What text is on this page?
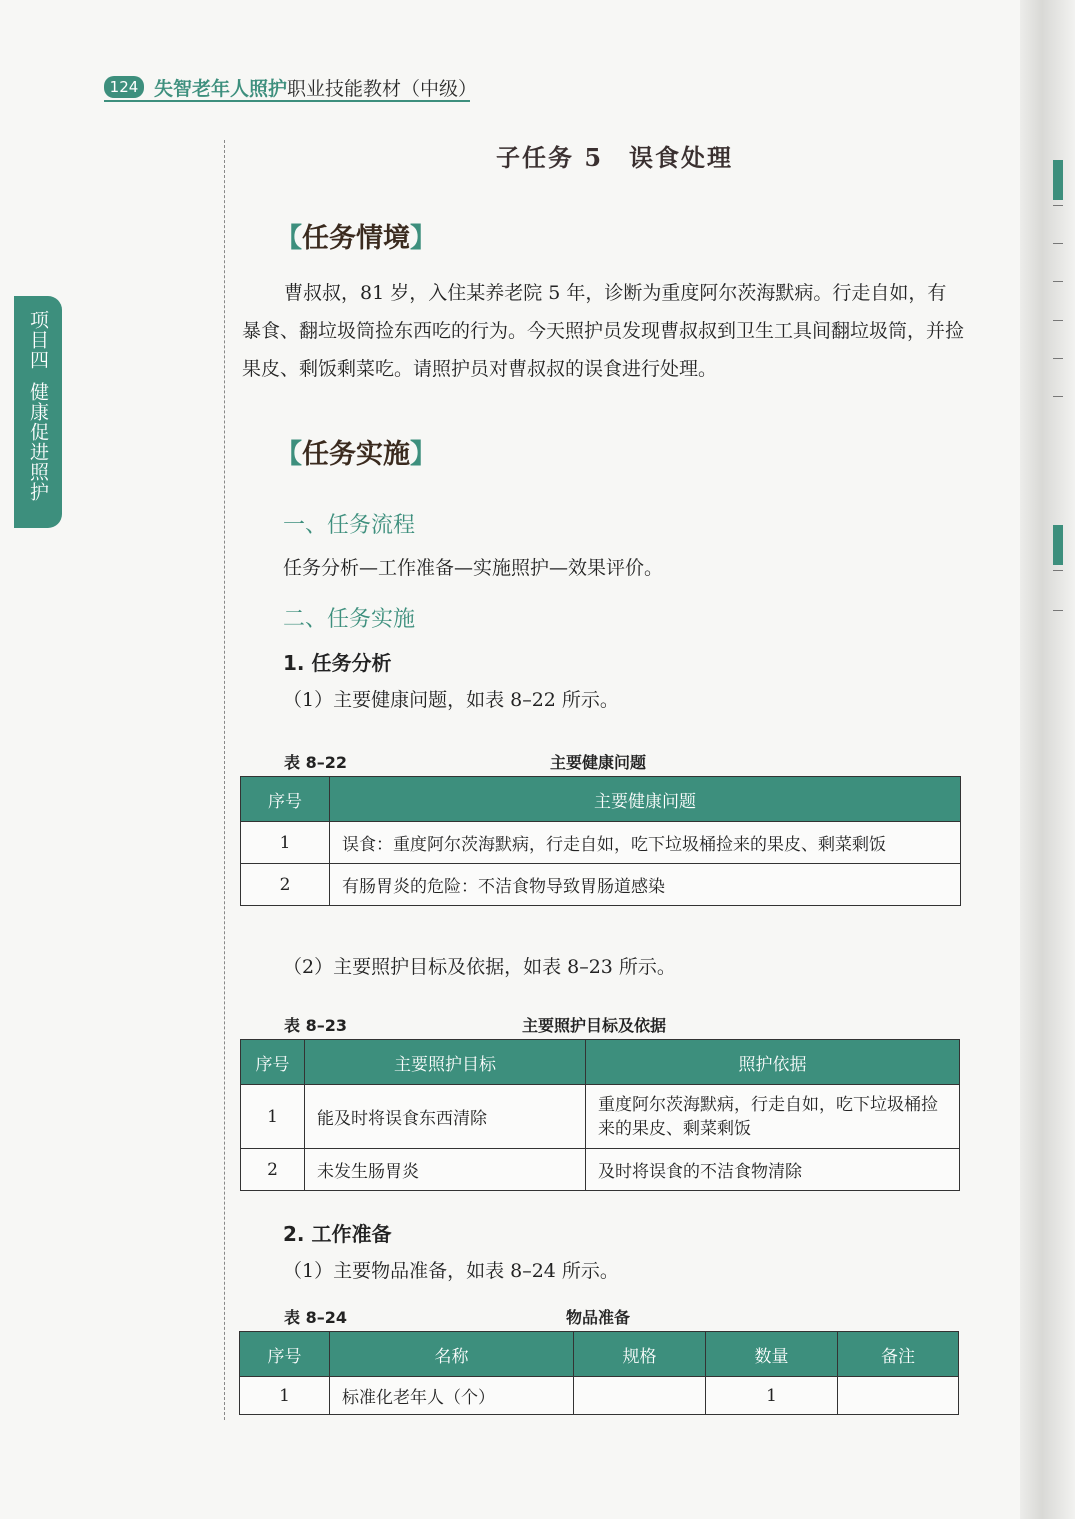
124 失智老年人照护职业技能教材（中级）
项目四
健康促进照护
子任务 5　误食处理
【任务情境】

曹叔叔，81 岁，入住某养老院 5 年，诊断为重度阿尔茨海默病。行走自如，有暴食、翻垃圾筒捡东西吃的行为。今天照护员发现曹叔叔到卫生工具间翻垃圾筒，并捡果皮、剩饭剩菜吃。请照护员对曹叔叔的误食进行处理。

【任务实施】
一、任务流程
任务分析—工作准备—实施照护—效果评价。
二、任务实施
1. 任务分析
（1）主要健康问题，如表 8–22 所示。
表 8–22	主要健康问题
序号	主要健康问题
1	误食：重度阿尔茨海默病，行走自如，吃下垃圾桶捡来的果皮、剩菜剩饭
2	有肠胃炎的危险：不洁食物导致胃肠道感染
（2）主要照护目标及依据，如表 8–23 所示。
表 8–23	主要照护目标及依据
序号	主要照护目标	照护依据
1	能及时将误食东西清除	重度阿尔茨海默病，行走自如，吃下垃圾桶捡来的果皮、剩菜剩饭
2	未发生肠胃炎	及时将误食的不洁食物清除
2. 工作准备
（1）主要物品准备，如表 8–24 所示。
表 8–24	物品准备
序号	名称	规格	数量	备注
1	标准化老年人（个）		1	
